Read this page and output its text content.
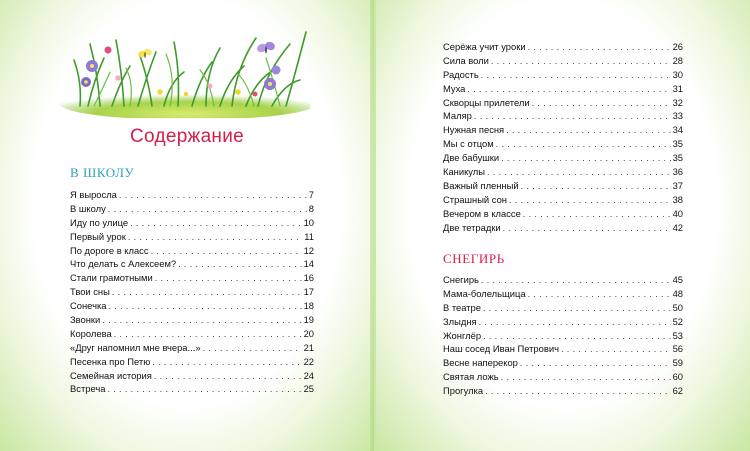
Содержание
В ШКОЛУ
СНЕГИРЬ
Я выросла . . .	7
В школу . . .	8
Иду по улице . . .	10
Первый урок . . .	11
По дороге в класс . . .	12
Что делать с Алексеем? . . .	14
Стали грамотными . . .	16
Твои сны . . .	17
Сонечка . . .	18
Звонки . . .	19
Королева . . .	20
«Друг напомнил мне вчера...» . . .	21
Песенка про Петю . . .	22
Семейная история . . .	24
Встреча . . .	25
Серёжа учит уроки . . .	26
Сила воли . . .	28
Радость . . .	30
Муха . . .	31
Скворцы прилетели . . .	32
Маляр . . .	33
Нужная песня . . .	34
Мы с отцом . . .	35
Две бабушки . . .	35
Каникулы . . .	36
Важный пленный . . .	37
Страшный сон . . .	38
Вечером в классе . . .	40
Две тетрадки . . .	42
Снегирь . . .	45
Мама-болельщица . . .	48
В театре . . .	50
Злыдня . . .	52
Жонглёр . . .	53
Наш сосед Иван Петрович . . .	56
Весне наперекор . . .	59
Святая ложь . . .	60
Прогулка . . .	62
